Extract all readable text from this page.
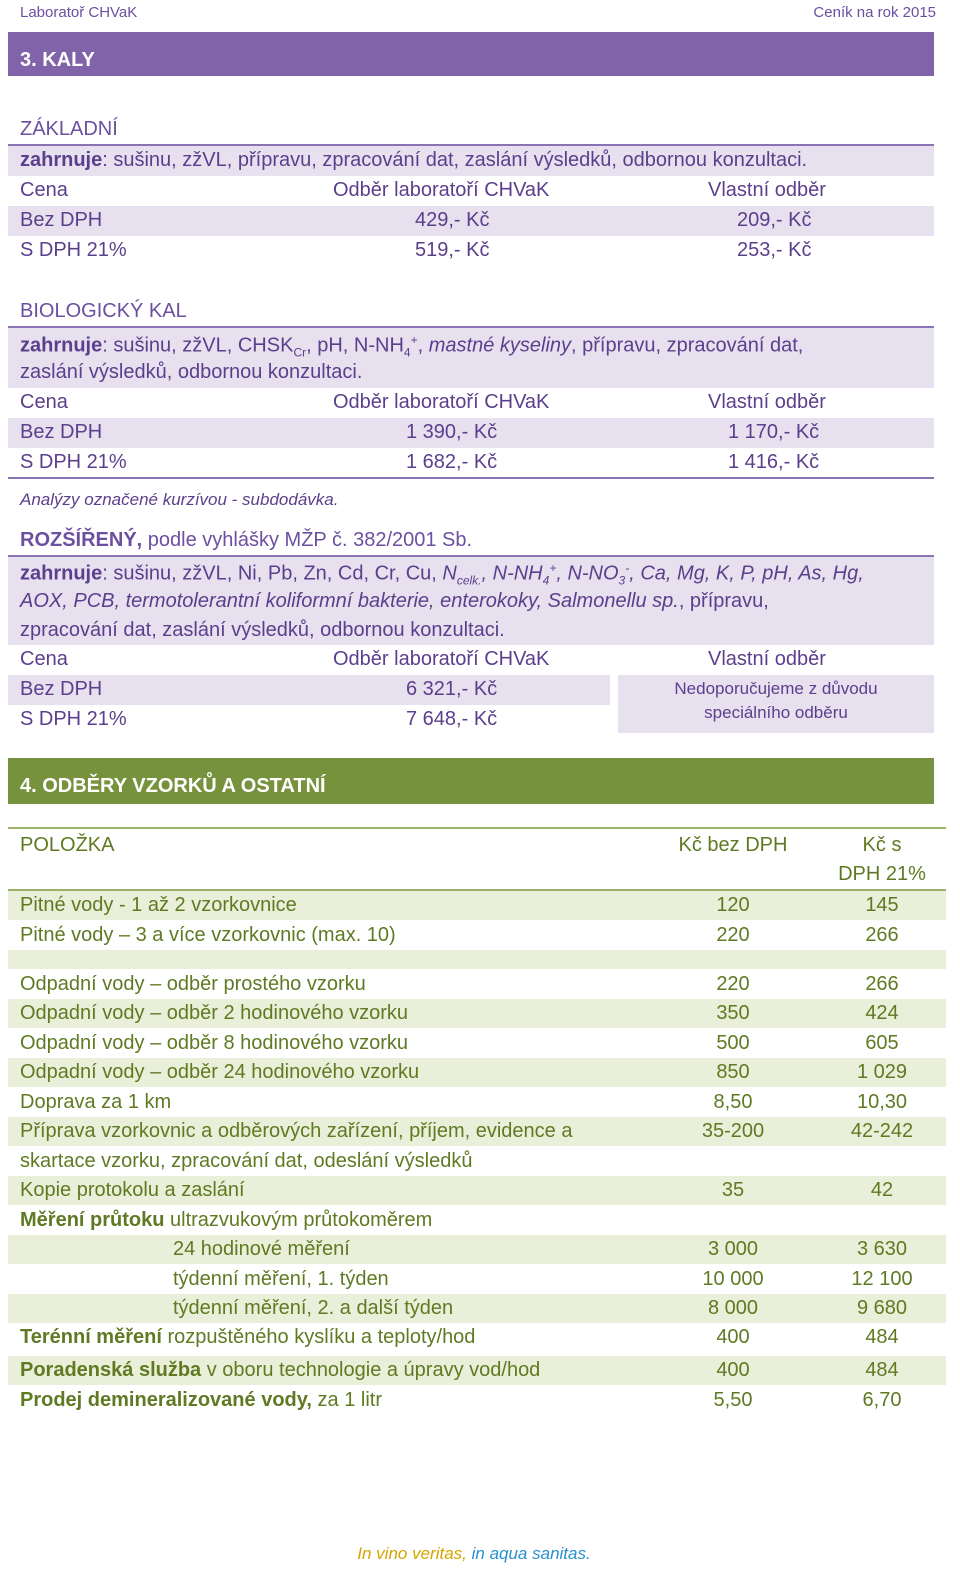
Laboratoř CHVaK	Ceník na rok 2015
3. KALY
ZÁKLADNÍ
zahrnuje: sušinu, zžVL, přípravu, zpracování dat, zaslání výsledků, odbornou konzultaci.
Cena	Odběr laboratoří CHVaK	Vlastní odběr
Bez DPH	429,- Kč	209,- Kč
S DPH 21%	519,- Kč	253,- Kč
BIOLOGICKÝ KAL
zahrnuje: sušinu, zžVL, $CHSK_{Cr}$, pH, $N-NH_4^+$, mastné kyseliny, přípravu, zpracování dat,
zaslání výsledků, odbornou konzultaci.
Cena	Odběr laboratoří CHVaK	Vlastní odběr
Bez DPH	1 390,- Kč	1 170,- Kč
S DPH 21%	1 682,- Kč	1 416,- Kč
Analýzy označené kurzívou - subdodávka.
ROZŠÍŘENÝ, podle vyhlášky MŽP č. 382/2001 Sb.
zahrnuje: sušinu, zžVL, Ni, Pb, Zn, Cd, Cr, Cu, $N_{celk.}$, $N-NH_4^+$, $N-NO_3^-$, Ca, Mg, K, P, pH, As, Hg,
AOX, PCB, termotolerantní koliformní bakterie, enterokoky, Salmonellu sp., přípravu,
zpracování dat, zaslání výsledků, odbornou konzultaci.
Cena	Odběr laboratoří CHVaK	Vlastní odběr
Bez DPH	6 321,- Kč
S DPH 21%	7 648,- Kč
Nedoporučujeme z důvodu
speciálního odběru
4. ODBĚRY VZORKŮ A OSTATNÍ
POLOŽKA	Kč bez DPH	Kč s
DPH 21%
Pitné vody - 1 až 2 vzorkovnice	120	145
Pitné vody – 3 a více vzorkovnic (max. 10)	220	266
Odpadní vody – odběr prostého vzorku	220	266
Odpadní vody – odběr 2 hodinového vzorku	350	424
Odpadní vody – odběr 8 hodinového vzorku	500	605
Odpadní vody – odběr 24 hodinového vzorku	850	1 029
Doprava za 1 km	8,50	10,30
Příprava vzorkovnic a odběrových zařízení, příjem, evidence a	35-200	42-242
skartace vzorku, zpracování dat, odeslání výsledků
Kopie protokolu a zaslání	35	42
Měření průtoku ultrazvukovým průtokoměrem
24 hodinové měření	3 000	3 630
týdenní měření, 1. týden	10 000	12 100
týdenní měření, 2. a další týden	8 000	9 680
Terénní měření rozpuštěného kyslíku a teploty/hod	400	484
Poradenská služba v oboru technologie a úpravy vod/hod	400	484
Prodej demineralizované vody, za 1 litr	5,50	6,70
In vino veritas, in aqua sanitas.
